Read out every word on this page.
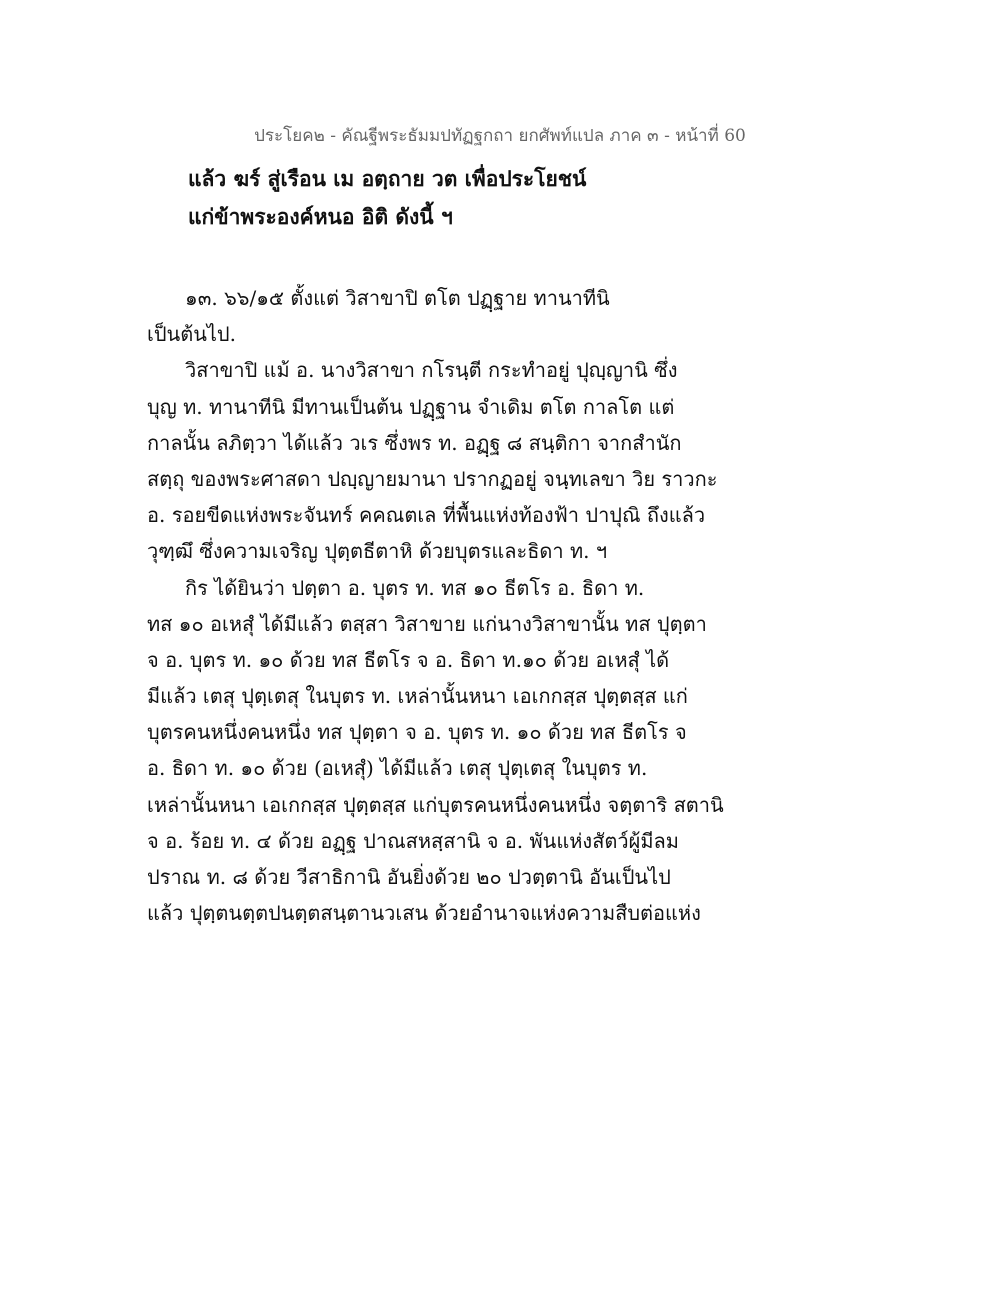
ประโยค๒ - คัณฐีพระธัมมปทัฏฐกถา ยกศัพท์แปล ภาค ๓ - หน้าที่ 60
แล้ว ฆร์ สู่เรือน เม อตฺถาย วต เพื่อประโยชน์
แก่ข้าพระองค์หนอ อิติ ดังนี้ ฯ
๑๓. ๖๖/๑๕ ตั้งแต่ วิสาขาปิ ตโต ปฏฺฐาย ทานาทีนิ
เป็นต้นไป.
วิสาขาปิ แม้ อ. นางวิสาขา กโรนฺตี กระทำอยู่ ปุญฺญานิ ซึ่ง
บุญ ท. ทานาทีนิ มีทานเป็นต้น ปฏฺฐาน จำเดิม ตโต กาลโต แต่
กาลนั้น ลภิตฺวา ได้แล้ว วเร ซึ่งพร ท. อฏฺฐ ๘ สนฺติกา จากสำนัก
สตฺถุ ของพระศาสดา ปญฺญายมานา ปรากฏอยู่ จนฺทเลขา วิย ราวกะ
อ. รอยขีดแห่งพระจันทร์ คคณตเล ที่พื้นแห่งท้องฟ้า ปาปุณิ ถึงแล้ว
วุฑฺฒึ ซึ่งความเจริญ ปุตฺตธีตาหิ ด้วยบุตรและธิดา ท. ฯ
กิร ได้ยินว่า ปตฺตา อ. บุตร ท. ทส ๑๐ ธีตโร อ. ธิดา ท.
ทส ๑๐ อเหสุํ ได้มีแล้ว ตสฺสา วิสาขาย แก่นางวิสาขานั้น ทส ปุตฺตา
จ อ. บุตร ท. ๑๐ ด้วย ทส ธีตโร จ อ. ธิดา ท.๑๐ ด้วย อเหสุํ ได้
มีแล้ว เตสุ ปุตฺเตสุ ในบุตร ท. เหล่านั้นหนา เอเกกสฺส ปุตฺตสฺส แก่
บุตรคนหนึ่งคนหนึ่ง ทส ปุตฺตา จ อ. บุตร ท. ๑๐ ด้วย ทส ธีตโร จ
อ. ธิดา ท. ๑๐ ด้วย (อเหสุํ) ได้มีแล้ว เตสุ ปุตฺเตสุ ในบุตร ท.
เหล่านั้นหนา เอเกกสฺส ปุตฺตสฺส แก่บุตรคนหนึ่งคนหนึ่ง จตฺตาริ สตานิ
จ อ. ร้อย ท. ๔ ด้วย อฏฺฐ ปาณสหสฺสานิ จ อ. พันแห่งสัตว์ผู้มีลม
ปราณ ท. ๘ ด้วย วีสาธิกานิ อันยิ่งด้วย ๒๐ ปวตฺตานิ อันเป็นไป
แล้ว ปุตฺตนตฺตปนตฺตสนฺตานวเสน ด้วยอำนาจแห่งความสืบต่อแห่ง
